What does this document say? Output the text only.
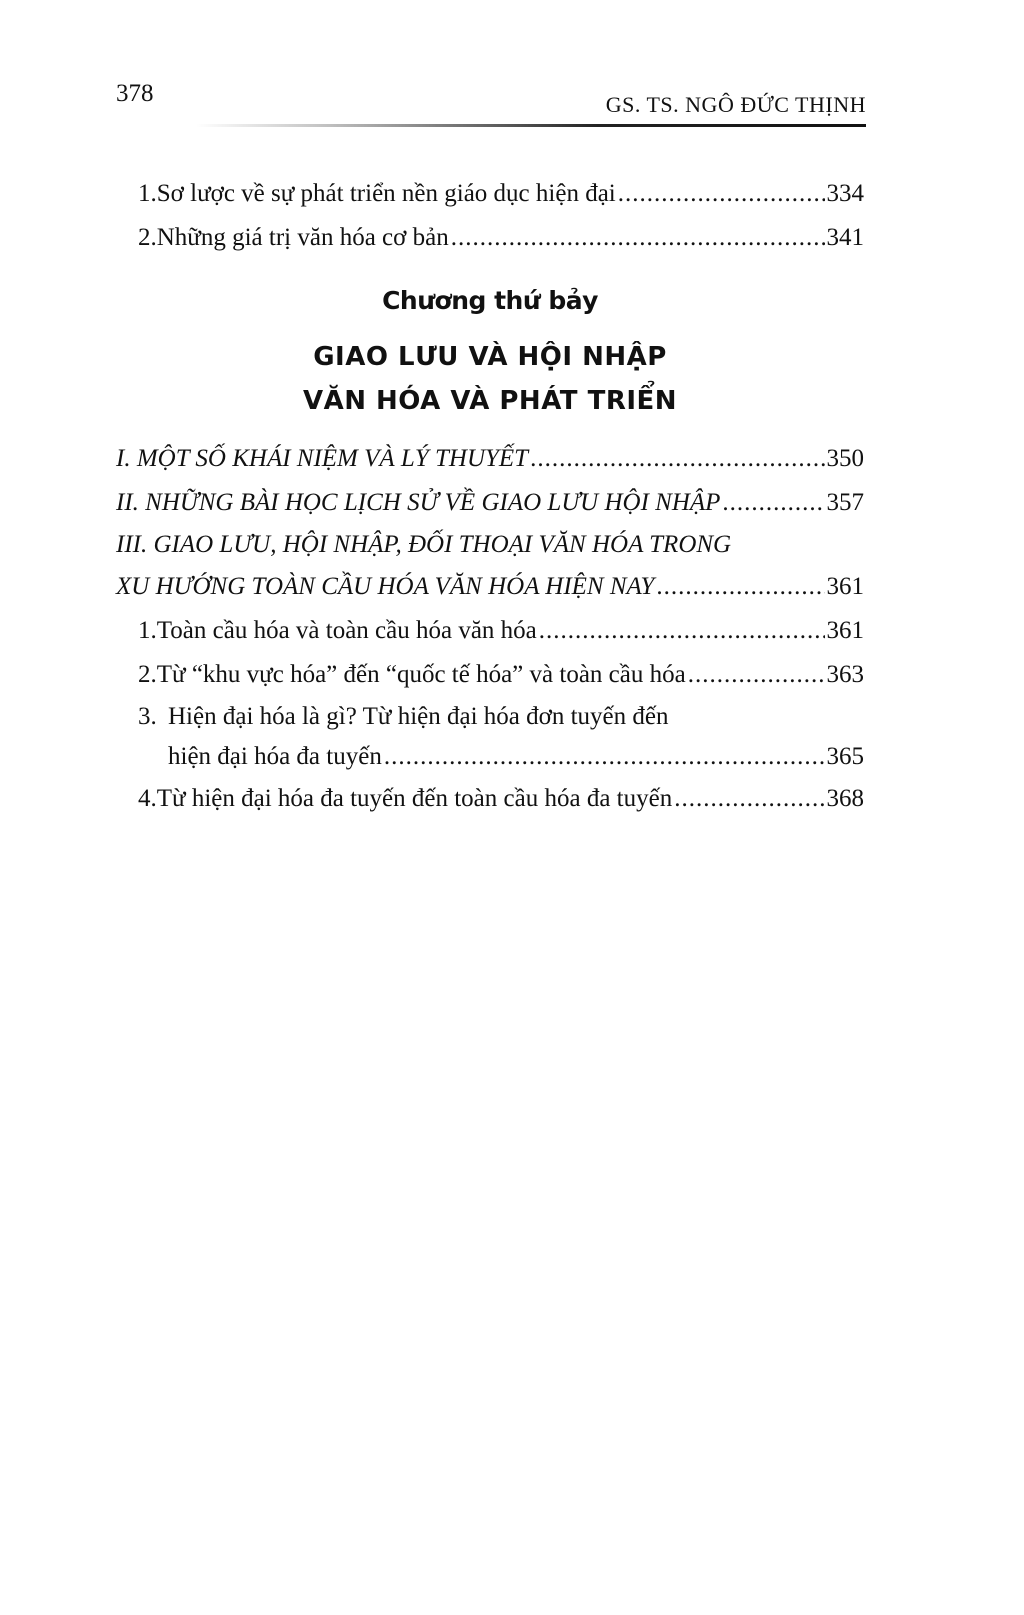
378	GS. TS. NGÔ ĐỨC THỊNH
1. Sơ lược về sự phát triển nền giáo dục hiện đại .....	334
2. Những giá trị văn hóa cơ bản .....	341
Chương thứ bảy
GIAO LƯU VÀ HỘI NHẬP
VĂN HÓA VÀ PHÁT TRIỂN
I. MỘT SỐ KHÁI NIỆM VÀ LÝ THUYẾT .....	350
II. NHỮNG BÀI HỌC LỊCH SỬ VỀ GIAO LƯU HỘI NHẬP .....	357
III. GIAO LƯU, HỘI NHẬP, ĐỐI THOẠI VĂN HÓA TRONG
XU HƯỚNG TOÀN CẦU HÓA VĂN HÓA HIỆN NAY .....	361
1. Toàn cầu hóa và toàn cầu hóa văn hóa .....	361
2. Từ “khu vực hóa” đến “quốc tế hóa” và toàn cầu hóa .....	363
3. Hiện đại hóa là gì? Từ hiện đại hóa đơn tuyến đến
hiện đại hóa đa tuyến .....	365
4. Từ hiện đại hóa đa tuyến đến toàn cầu hóa đa tuyến .....	368
